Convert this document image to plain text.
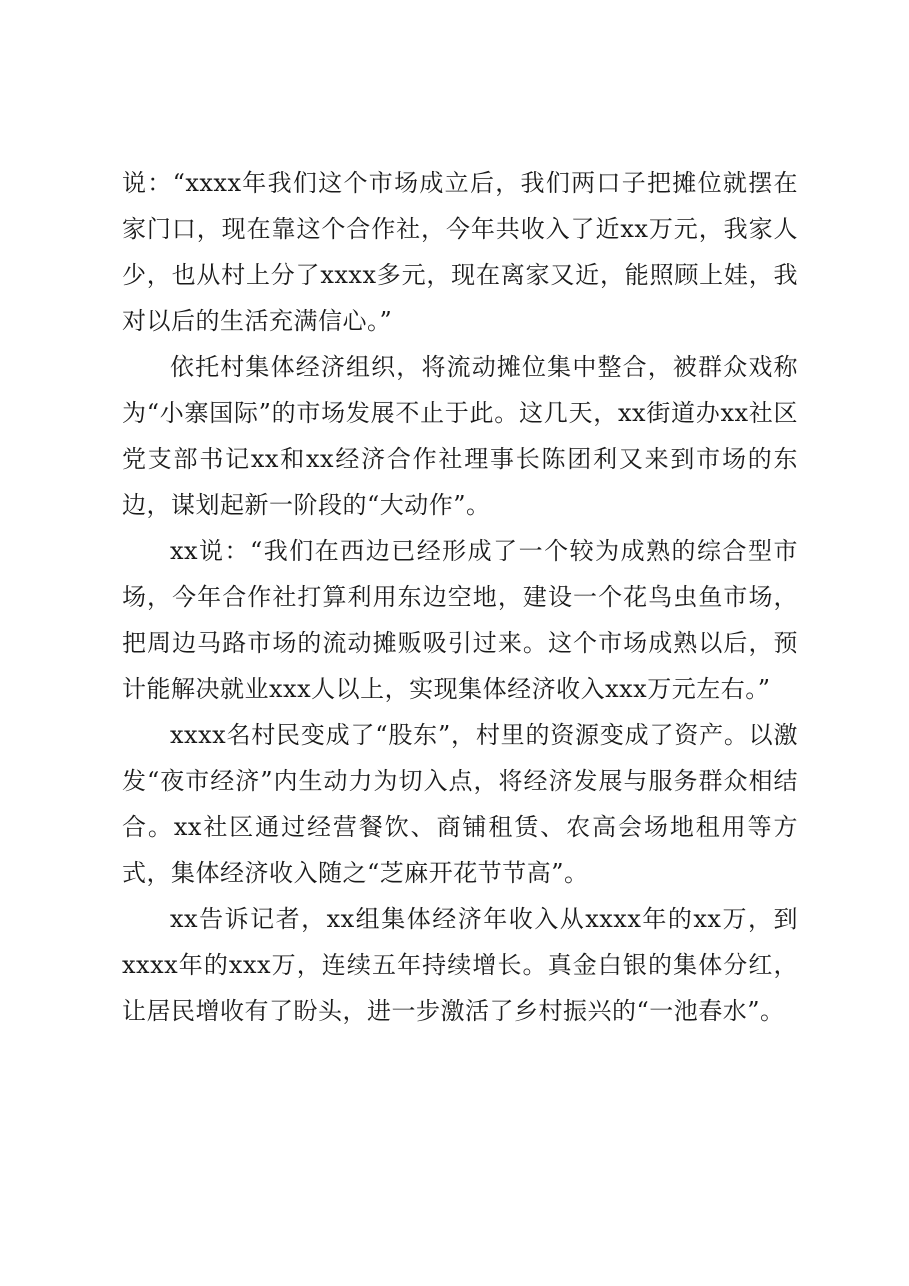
说：“xxxx年我们这个市场成立后，我们两口子把摊位就摆在家门口，现在靠这个合作社，今年共收入了近xx万元，我家人少，也从村上分了xxxx多元，现在离家又近，能照顾上娃，我对以后的生活充满信心。”

依托村集体经济组织，将流动摊位集中整合，被群众戏称为“小寨国际”的市场发展不止于此。这几天，xx街道办xx社区党支部书记xx和xx经济合作社理事长陈团利又来到市场的东边，谋划起新一阶段的“大动作”。

xx说：“我们在西边已经形成了一个较为成熟的综合型市场，今年合作社打算利用东边空地，建设一个花鸟虫鱼市场，把周边马路市场的流动摊贩吸引过来。这个市场成熟以后，预计能解决就业xxx人以上，实现集体经济收入xxx万元左右。”

xxxx名村民变成了“股东”，村里的资源变成了资产。以激发“夜市经济”内生动力为切入点，将经济发展与服务群众相结合。xx社区通过经营餐饮、商铺租赁、农高会场地租用等方式，集体经济收入随之“芝麻开花节节高”。

xx告诉记者，xx组集体经济年收入从xxxx年的xx万，到xxxx年的xxx万，连续五年持续增长。真金白银的集体分红，让居民增收有了盼头，进一步激活了乡村振兴的“一池春水”。
